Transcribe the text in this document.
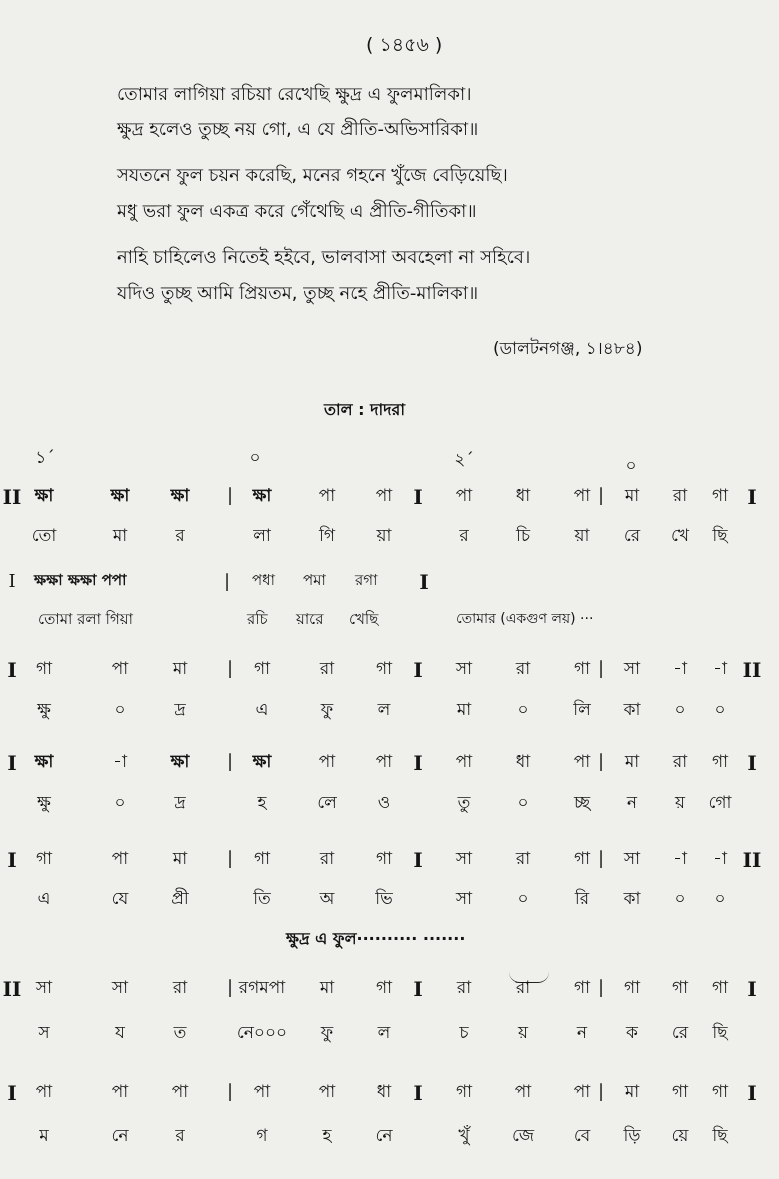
( ১৪৫৬ )
তোমার লাগিয়া রচিয়া রেখেছি ক্ষুদ্র এ ফুলমালিকা।
ক্ষুদ্র হলেও তুচ্ছ নয় গো, এ যে প্রীতি-অভিসারিকা॥
সযতনে ফুল চয়ন করেছি, মনের গহনে খুঁজে বেড়িয়েছি।
মধু ভরা ফুল একত্র করে গেঁথেছি এ প্রীতি-গীতিকা॥
নাহি চাহিলেও নিতেই হইবে, ভালবাসা অবহেলা না সহিবে।
যদিও তুচ্ছ আমি প্রিয়তম, তুচ্ছ নহে প্রীতি-মালিকা॥
(ডালটনগঞ্জ, ১।৪৮৪)
তাল : দাদরা
১´	০	২´	০
I ক্ষক্ষা ক্ষক্ষা পপা	| পধা পমা রগা I
তোমা রলা গিয়া	রচি য়ারে খেছি	তোমার (একগুণ লয়) ···
ক্ষুদ্র এ ফুল·········· ·······
II ক্ষা	ক্ষা ক্ষা | ক্ষা	পা পা I পা	ধা	পা | মা রা গা I
তো	মা	র	লা	গি য়া	র	চি	য়া রে খে ছি
I গা	পা	মা | গা	রা গা I সা	রা	গা | সা -া -া II
ক্ষু	০	দ্র	এ	ফু	ল	মা	০	লি কা ০ ০
I ক্ষা	-া	ক্ষা | ক্ষা	পা পা I পা	ধা	পা | মা রা গা I
ক্ষু	০	দ্র	হ	লে ও	তু	০	চ্ছ ন য় গো
I গা	পা	মা | গা	রা গা I সা	রা	গা | সা -া -া II
এ	যে	প্রী	তি	অ ভি	সা	০	রি কা ০ ০
II সা	সা	রা | রগমপা মা গা I রা	রা	গা | গা গা গা I
স	য	ত	নে০০০ ফু	ল	চ	য়	ন ক রে ছি
I পা	পা	পা | পা	পা ধা I গা	পা	পা | মা গা গা I
ম	নে	র	গ	হ	নে	খুঁ জে বে ড়ি য়ে ছি
